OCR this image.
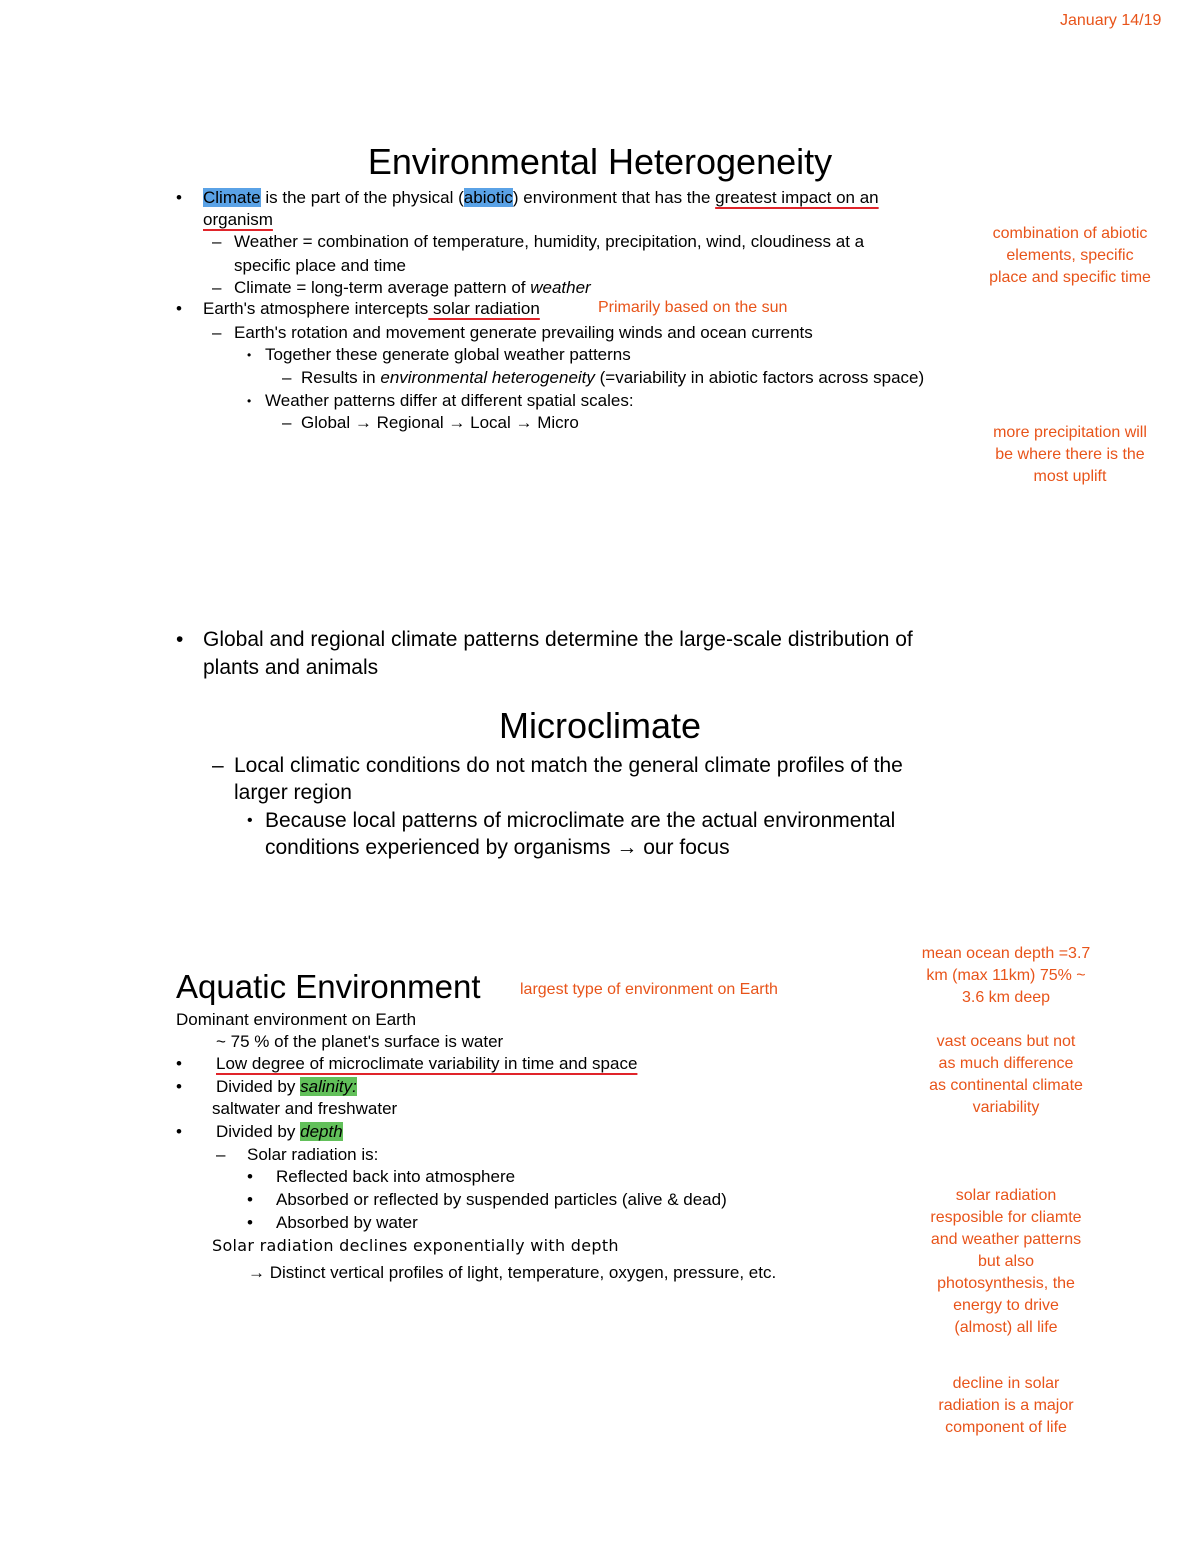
January 14/19
Environmental Heterogeneity
• Climate is the part of the physical (abiotic) environment that has the greatest impact on an
organism
– Weather = combination of temperature, humidity, precipitation, wind, cloudiness at a
specific place and time
– Climate = long-term average pattern of weather
• Earth's atmosphere intercepts solar radiation	Primarily based on the sun
– Earth's rotation and movement generate prevailing winds and ocean currents
• Together these generate global weather patterns
– Results in environmental heterogeneity (=variability in abiotic factors across space)
• Weather patterns differ at different spatial scales:
– Global → Regional → Local → Micro
• Global and regional climate patterns determine the large-scale distribution of
plants and animals
Microclimate
– Local climatic conditions do not match the general climate profiles of the
larger region
• Because local patterns of microclimate are the actual environmental
conditions experienced by organisms → our focus
Aquatic Environment largest type of environment on Earth
Dominant environment on Earth
~ 75 % of the planet's surface is water
• Low degree of microclimate variability in time and space
• Divided by salinity:
saltwater and freshwater
• Divided by depth
– Solar radiation is:
• Reflected back into atmosphere
• Absorbed or reflected by suspended particles (alive & dead)
• Absorbed by water
Solar radiation declines exponentially with depth
→ Distinct vertical profiles of light, temperature, oxygen, pressure, etc.
combination of abiotic
elements, specific
place and specific time
more precipitation will
be where there is the
most uplift
mean ocean depth =3.7
km (max 11km) 75% ~
3.6 km deep
vast oceans but not
as much difference
as continental climate
variability
solar radiation
resposible for cliamte
and weather patterns
but also
photosynthesis, the
energy to drive
(almost) all life
decline in solar
radiation is a major
component of life
